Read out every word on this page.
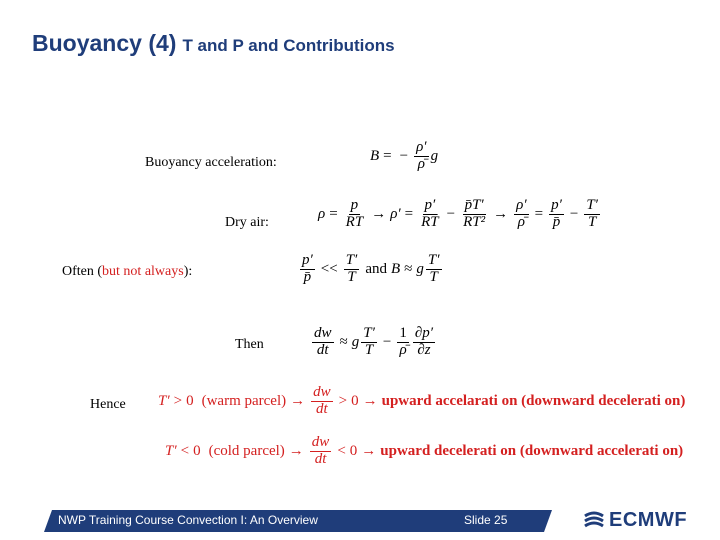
Buoyancy (4) T and P and Contributions
Buoyancy acceleration:	B = − $\frac{\rho'}{\rhō}$ g
Dry air:
$\rho = \frac{p}{RT} \to \rho' = \frac{p'}{RT̄} - \frac{p̄T'}{\text{RT̄²}} \to \frac{\rho'}{\rhō} = \frac{p'}{p̄} - \frac{T'}{T̄}$
Often (but not always):	$\frac{p'}{p̄} << \frac{T'}{T̄}$ and B ≈ g $\frac{T'}{T̄}$
Then	$\frac{dw}{dt} \approx g \frac{T'}{T̄} - \frac{1}{\rhō} \frac{\partial p'}{\partial z}$
Hence T′ > 0 (warm parcel) → $\frac{dw}{dt} > 0$ → upward accelarati on (downward decelerati on)
T′ < 0 (cold parcel) → $\frac{dw}{dt} < 0$ → upward decelerati on (downward accelerati on)
NWP Training Course Convection I: An Overview	Slide 25	ECMWF
